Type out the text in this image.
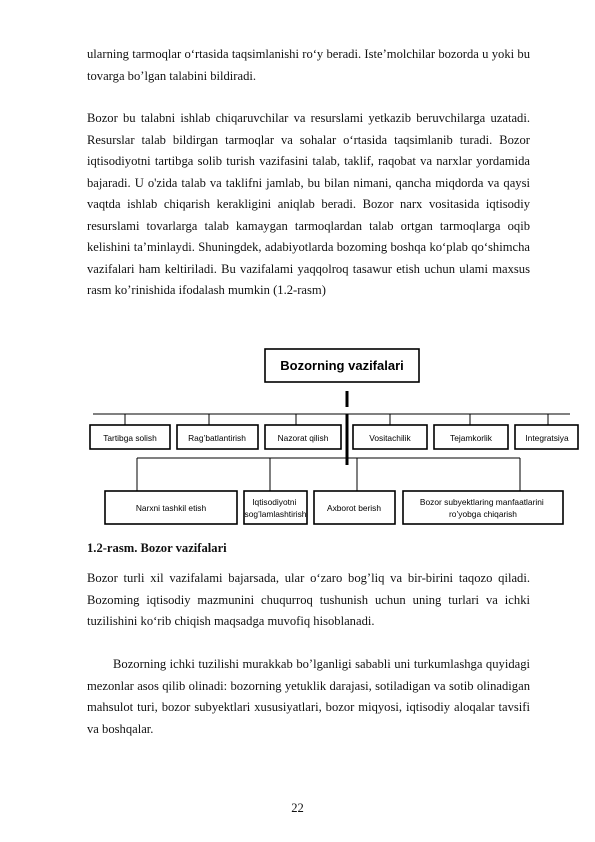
ularning tarmoqlar o‘rtasida taqsimlanishi ro‘y beradi. Iste’molchilar bozorda u yoki bu tovarga bo’lgan talabini bildiradi.

Bozor bu talabni ishlab chiqaruvchilar va resurslami yetkazib beruvchilarga uzatadi. Resurslar talab bildirgan tarmoqlar va sohalar o‘rtasida taqsimlanib turadi. Bozor iqtisodiyotni tartibga solib turish vazifasini talab, taklif, raqobat va narxlar yordamida bajaradi. U o'zida talab va taklifni jamlab, bu bilan nimani, qancha miqdorda va qaysi vaqtda ishlab chiqarish kerakligini aniqlab beradi. Bozor narx vositasida iqtisodiy resurslami tovarlarga talab kamaygan tarmoqlardan talab ortgan tarmoqlarga oqib kelishini ta’minlaydi. Shuningdek, adabiyotlarda bozoming boshqa ko‘plab qo‘shimcha vazifalari ham keltiriladi. Bu vazifalami yaqqolroq tasawur etish uchun ulami maxsus rasm ko’rinishida ifodalash mumkin (1.2-rasm)

Bozorning vazifalari
Tartibga solish	Rag’batlantirish	Nazorat qilish	Vositachilik	Tejamkorlik	Integratsiya
Narxni tashkil etish
Iqtisodiyotni sog’lamlashtirish
Axborot berish
Bozor subyektlaring manfaatlarini ro’yobga chiqarish

1.2-rasm. Bozor vazifalari

Bozor turli xil vazifalami bajarsada, ular o‘zaro bog’liq va bir-birini taqozo qiladi. Bozoming iqtisodiy mazmunini chuqurroq tushunish uchun uning turlari va ichki tuzilishini ko‘rib chiqish maqsadga muvofiq hisoblanadi.

Bozorning ichki tuzilishi murakkab bo’lganligi sababli uni turkumlashga quyidagi mezonlar asos qilib olinadi: bozorning yetuklik darajasi, sotiladigan va sotib olinadigan mahsulot turi, bozor subyektlari xususiyatlari, bozor miqyosi, iqtisodiy aloqalar tavsifi va boshqalar.

22
